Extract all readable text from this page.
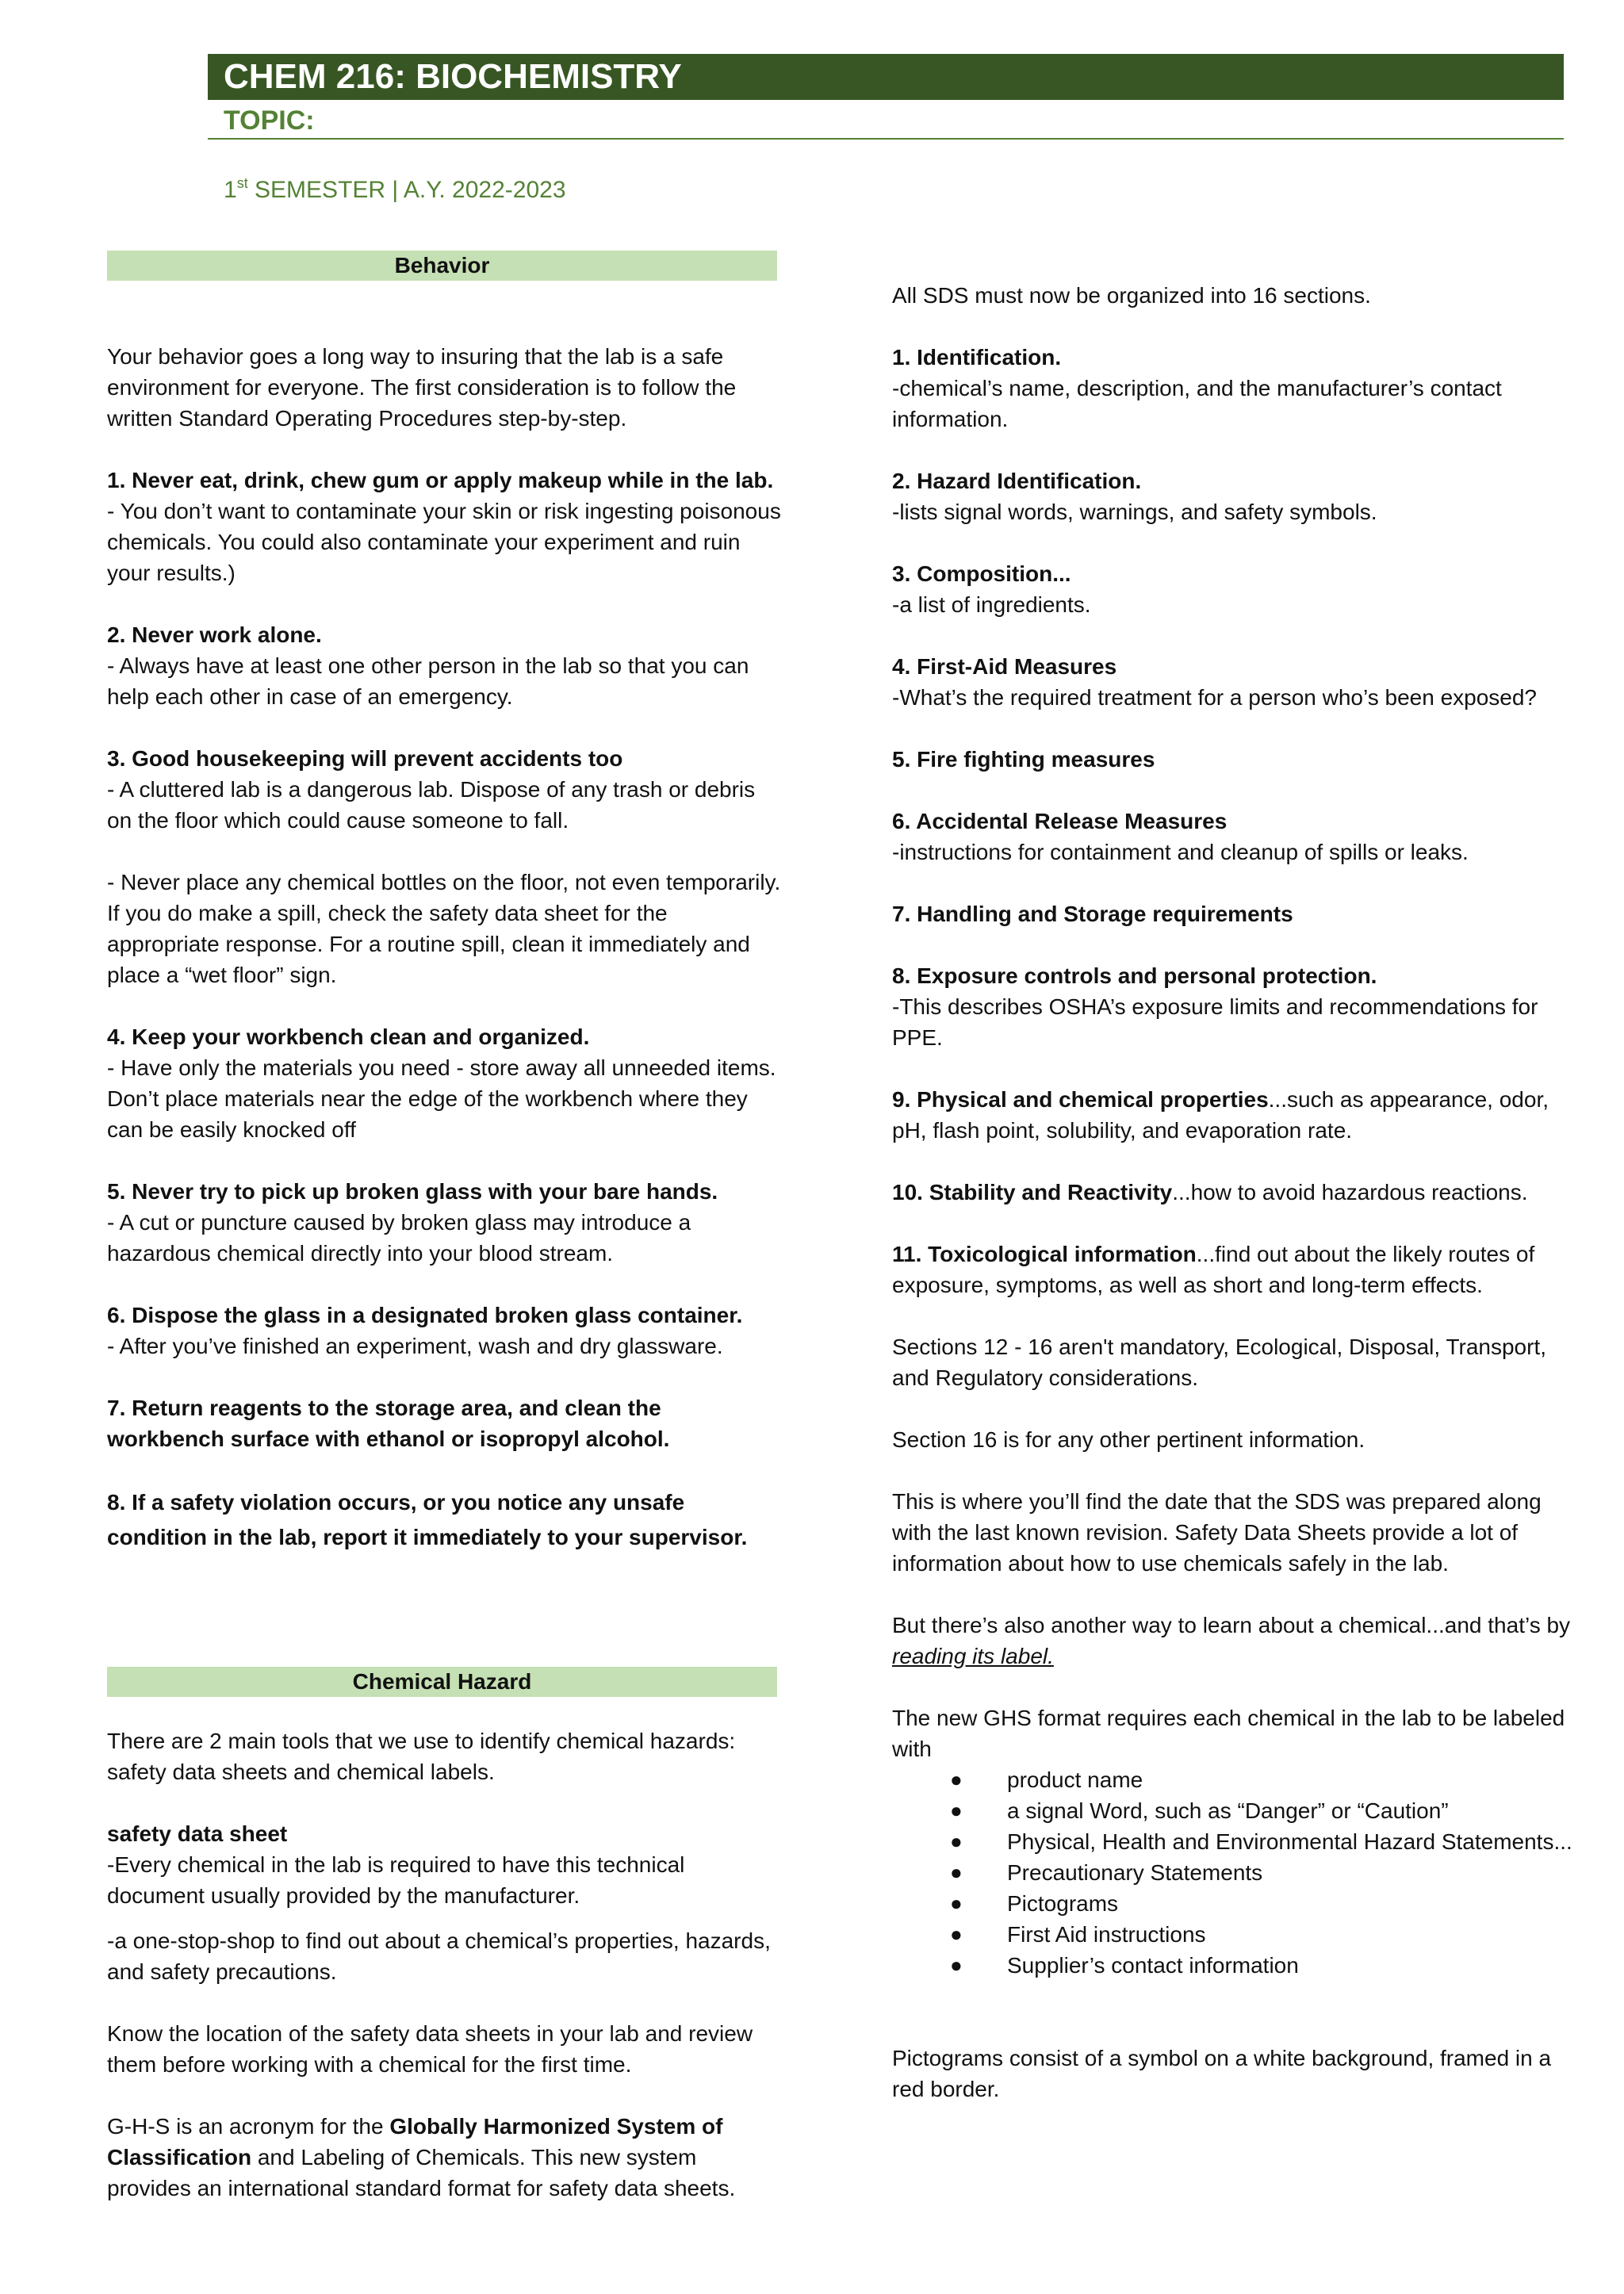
CHEM 216: BIOCHEMISTRY
TOPIC:
1st SEMESTER | A.Y. 2022-2023
Behavior

Your behavior goes a long way to insuring that the lab is a safe environment for everyone. The first consideration is to follow the written Standard Operating Procedures step-by-step.

1. Never eat, drink, chew gum or apply makeup while in the lab.

- You don’t want to contaminate your skin or risk ingesting poisonous chemicals. You could also contaminate your experiment and ruin your results.)

2. Never work alone.

- Always have at least one other person in the lab so that you can help each other in case of an emergency.

3. Good housekeeping will prevent accidents too

- A cluttered lab is a dangerous lab. Dispose of any trash or debris on the floor which could cause someone to fall.

- Never place any chemical bottles on the floor, not even temporarily. If you do make a spill, check the safety data sheet for the appropriate response. For a routine spill, clean it immediately and place a “wet floor” sign.

4. Keep your workbench clean and organized.

- Have only the materials you need - store away all unneeded items. Don’t place materials near the edge of the workbench where they can be easily knocked off

5. Never try to pick up broken glass with your bare hands.

- A cut or puncture caused by broken glass may introduce a hazardous chemical directly into your blood stream.

6. Dispose the glass in a designated broken glass container.

- After you’ve finished an experiment, wash and dry glassware.

7. Return reagents to the storage area, and clean the workbench surface with ethanol or isopropyl alcohol.

8. If a safety violation occurs, or you notice any unsafe condition in the lab, report it immediately to your supervisor.

Chemical Hazard

There are 2 main tools that we use to identify chemical hazards: safety data sheets and chemical labels.

safety data sheet

-Every chemical in the lab is required to have this technical document usually provided by the manufacturer.

-a one-stop-shop to find out about a chemical’s properties, hazards, and safety precautions.

Know the location of the safety data sheets in your lab and review them before working with a chemical for the first time.

G-H-S is an acronym for the Globally Harmonized System of Classification and Labeling of Chemicals. This new system provides an international standard format for safety data sheets.

All SDS must now be organized into 16 sections.

1. Identification.

-chemical’s name, description, and the manufacturer’s contact information.

2. Hazard Identification.

-lists signal words, warnings, and safety symbols.

3. Composition...

-a list of ingredients.

4. First-Aid Measures

-What’s the required treatment for a person who’s been exposed?

5. Fire fighting measures

6. Accidental Release Measures

-instructions for containment and cleanup of spills or leaks.

7. Handling and Storage requirements

8. Exposure controls and personal protection.

-This describes OSHA’s exposure limits and recommendations for PPE.

9. Physical and chemical properties...such as appearance, odor, pH, flash point, solubility, and evaporation rate.

10. Stability and Reactivity...how to avoid hazardous reactions.

11. Toxicological information...find out about the likely routes of exposure, symptoms, as well as short and long-term effects.

Sections 12 - 16 aren't mandatory, Ecological, Disposal, Transport, and Regulatory considerations.

Section 16 is for any other pertinent information.

This is where you’ll find the date that the SDS was prepared along with the last known revision. Safety Data Sheets provide a lot of information about how to use chemicals safely in the lab.

But there’s also another way to learn about a chemical...and that’s by reading its label.

The new GHS format requires each chemical in the lab to be labeled with

● product name
● a signal Word, such as “Danger” or “Caution”
● Physical, Health and Environmental Hazard Statements...
● Precautionary Statements
● Pictograms
● First Aid instructions
● Supplier’s contact information

Pictograms consist of a symbol on a white background, framed in a red border.
